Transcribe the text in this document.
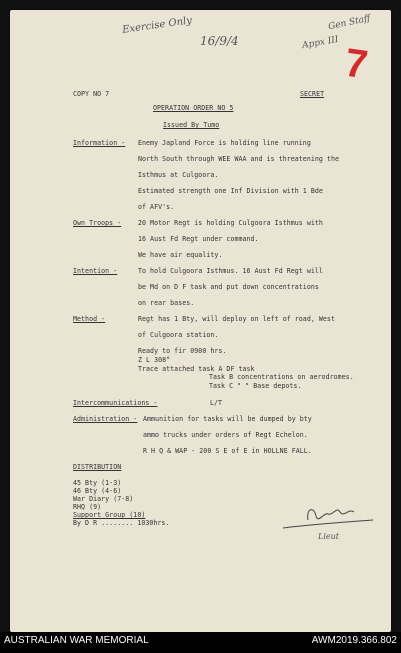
Exercise Only
16/9/4
Gen Staff
Appx III 7
COPY NO 7	SECRET
OPERATION ORDER NO 5
Issued By Tumo
Information - Enemy Japland Force is holding line running
North South through WEE WAA and is threatening the
Isthmus at Culgoora.
Estimated strength one Inf Division with 1 Bde
of AFV's.
Own Troops -	20 Motor Regt is holding Culgoora Isthmus with
16 Aust Fd Regt under command.
We have air equality.
Intention -	To hold Culgoora Isthmus. 16 Aust Fd Regt will
be Md on D F task and put down concentrations
on rear bases.
Method -	Regt has 1 Bty, will deploy on left of road, West
of Culgoora station.
Ready to fir 0900 hrs.
Z L 308°
Trace attached task A DF task
Task B concentrations on aerodromes.
Task C " " Base depots.
Intercommunications -	L/T
Administration - Ammunition for tasks will be dumped by bty
ammo trucks under orders of Regt Echelon.
R H Q & WAP - 200 S E of E in HOLLNE FALL.
DISTRIBUTION
45 Bty (1-3)
46 Bty (4-6)
War Diary (7-8)
RHQ (9)
Support Group (10)
By D R ........ 1030hrs.
Lieut
AUSTRALIAN WAR MEMORIAL	AWM2019.366.802
